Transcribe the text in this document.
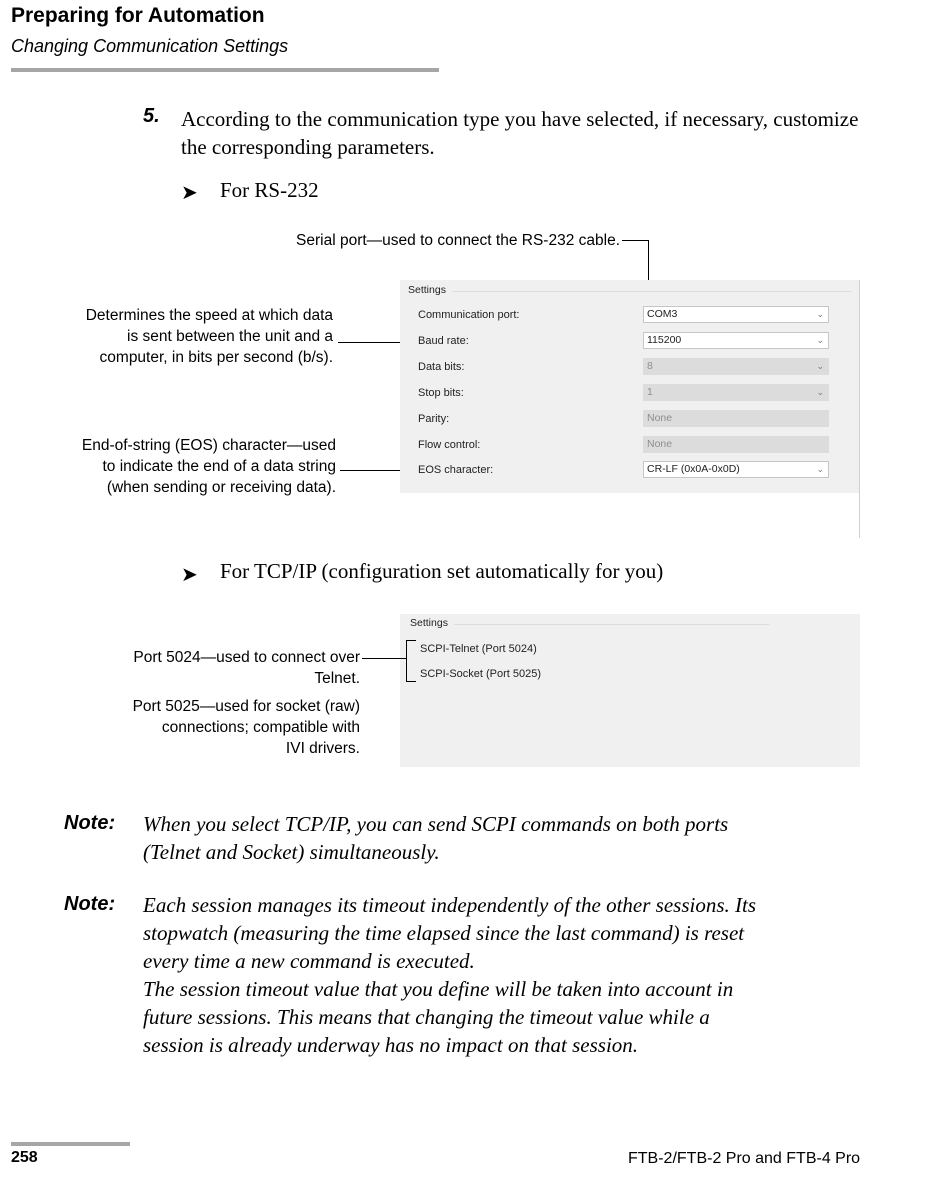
Preparing for Automation
Changing Communication Settings
5. According to the communication type you have selected, if necessary, customize the corresponding parameters.
➤ For RS-232
Serial port—used to connect the RS-232 cable.
Determines the speed at which data
is sent between the unit and a
computer, in bits per second (b/s).
End-of-string (EOS) character—used
to indicate the end of a data string
(when sending or receiving data).
Settings
Communication port:	COM3	⌄
Baud rate:	115200	⌄
Data bits:	8	⌄
Stop bits:	1	⌄
Parity:	None
Flow control:	None
EOS character:	CR-LF (0x0A-0x0D)	⌄
➤ For TCP/IP (configuration set automatically for you)
Settings
SCPI-Telnet (Port 5024)
SCPI-Socket (Port 5025)
Port 5024—used to connect over
Telnet.
Port 5025—used for socket (raw)
connections; compatible with
IVI drivers.
Note: When you select TCP/IP, you can send SCPI commands on both ports
(Telnet and Socket) simultaneously.
Note: Each session manages its timeout independently of the other sessions. Its
stopwatch (measuring the time elapsed since the last command) is reset
every time a new command is executed.
The session timeout value that you define will be taken into account in
future sessions. This means that changing the timeout value while a
session is already underway has no impact on that session.
258	FTB-2/FTB-2 Pro and FTB-4 Pro
